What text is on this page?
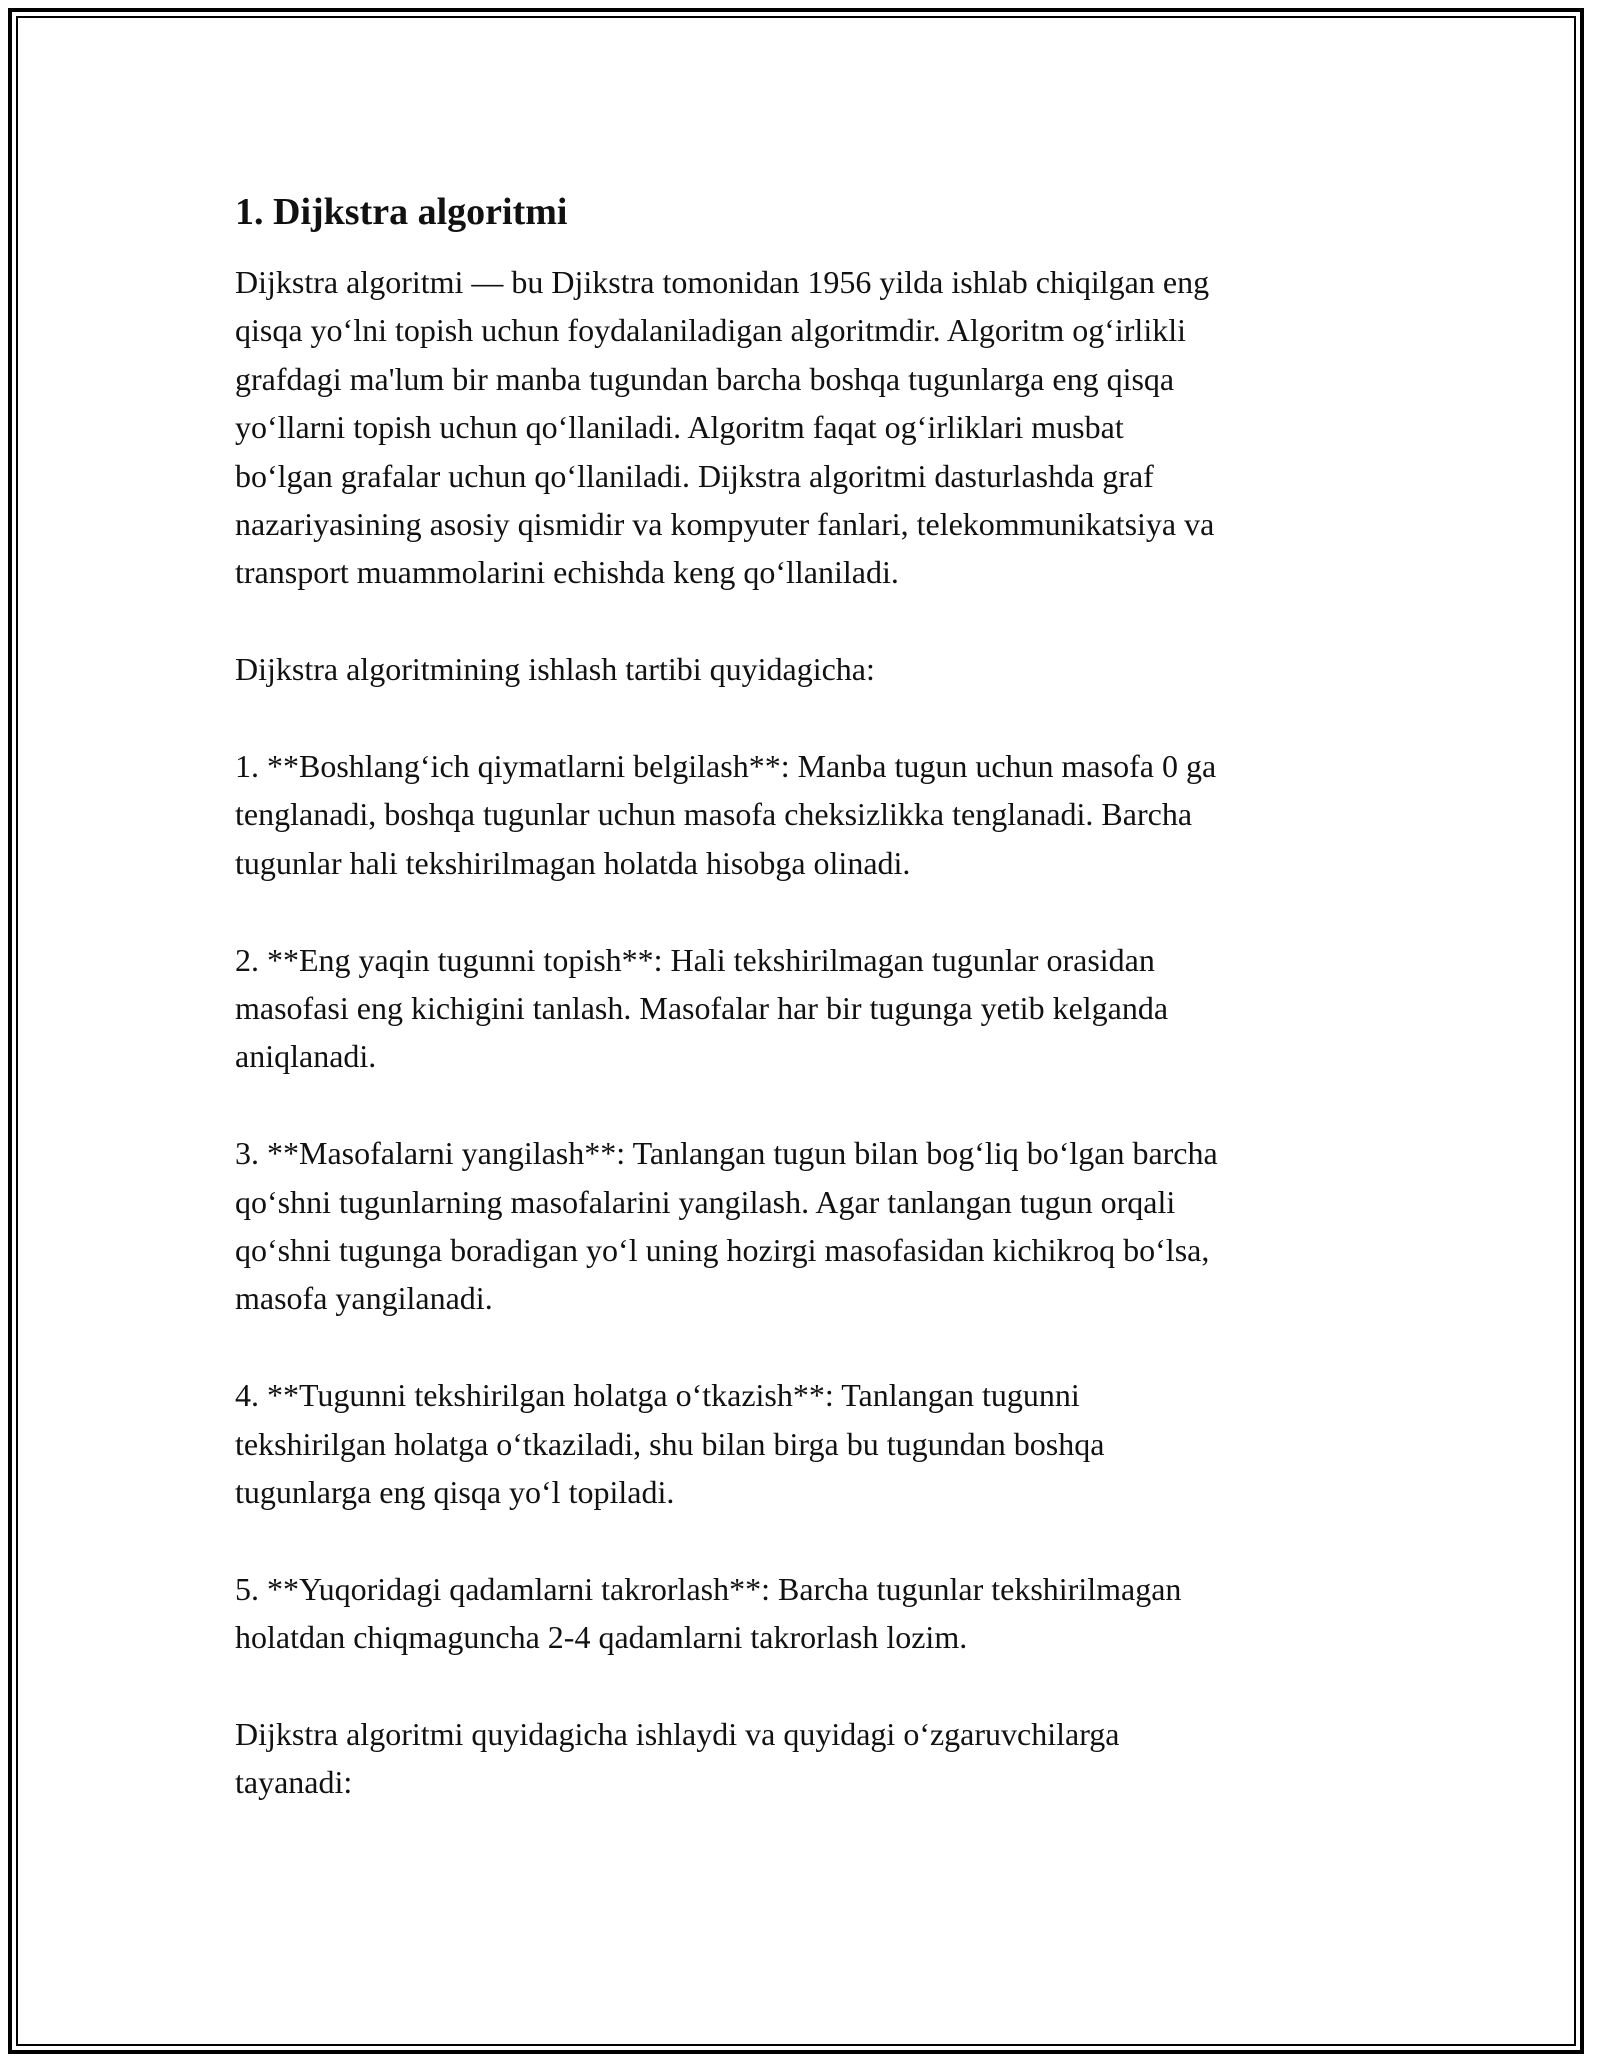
1. Dijkstra algoritmi

Dijkstra algoritmi — bu Djikstra tomonidan 1956 yilda ishlab chiqilgan eng
qisqa yo‘lni topish uchun foydalaniladigan algoritmdir. Algoritm og‘irlikli
grafdagi ma'lum bir manba tugundan barcha boshqa tugunlarga eng qisqa
yo‘llarni topish uchun qo‘llaniladi. Algoritm faqat og‘irliklari musbat
bo‘lgan grafalar uchun qo‘llaniladi. Dijkstra algoritmi dasturlashda graf
nazariyasining asosiy qismidir va kompyuter fanlari, telekommunikatsiya va
transport muammolarini echishda keng qo‘llaniladi.

Dijkstra algoritmining ishlash tartibi quyidagicha:

1. **Boshlang‘ich qiymatlarni belgilash**: Manba tugun uchun masofa 0 ga
tenglanadi, boshqa tugunlar uchun masofa cheksizlikka tenglanadi. Barcha
tugunlar hali tekshirilmagan holatda hisobga olinadi.

2. **Eng yaqin tugunni topish**: Hali tekshirilmagan tugunlar orasidan
masofasi eng kichigini tanlash. Masofalar har bir tugunga yetib kelganda
aniqlanadi.

3. **Masofalarni yangilash**: Tanlangan tugun bilan bog‘liq bo‘lgan barcha
qo‘shni tugunlarning masofalarini yangilash. Agar tanlangan tugun orqali
qo‘shni tugunga boradigan yo‘l uning hozirgi masofasidan kichikroq bo‘lsa,
masofa yangilanadi.

4. **Tugunni tekshirilgan holatga o‘tkazish**: Tanlangan tugunni
tekshirilgan holatga o‘tkaziladi, shu bilan birga bu tugundan boshqa
tugunlarga eng qisqa yo‘l topiladi.

5. **Yuqoridagi qadamlarni takrorlash**: Barcha tugunlar tekshirilmagan
holatdan chiqmaguncha 2-4 qadamlarni takrorlash lozim.

Dijkstra algoritmi quyidagicha ishlaydi va quyidagi o‘zgaruvchilarga
tayanadi:
